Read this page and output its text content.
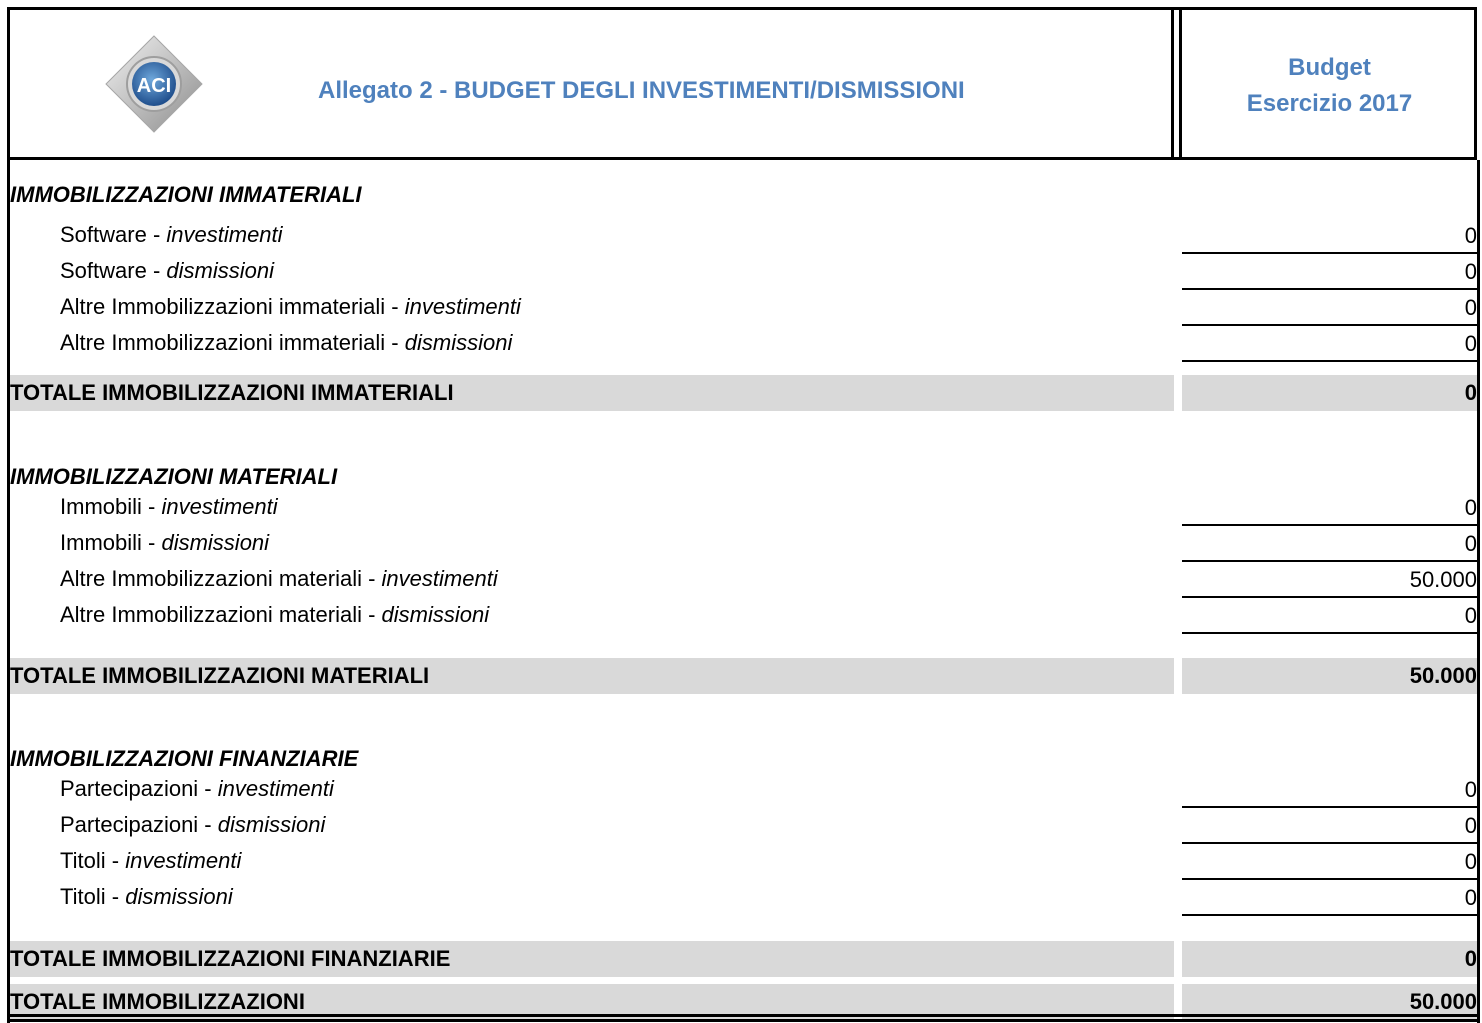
ACI	Allegato 2 - BUDGET DEGLI INVESTIMENTI/DISMISSIONI
Budget
Esercizio 2017
IMMOBILIZZAZIONI IMMATERIALI
Software - investimenti	0
Software - dismissioni	0
Altre Immobilizzazioni immateriali - investimenti	0
Altre Immobilizzazioni immateriali - dismissioni	0
TOTALE IMMOBILIZZAZIONI IMMATERIALI	0
IMMOBILIZZAZIONI MATERIALI
Immobili - investimenti	0
Immobili - dismissioni	0
Altre Immobilizzazioni materiali - investimenti	50.000
Altre Immobilizzazioni materiali - dismissioni	0
TOTALE IMMOBILIZZAZIONI MATERIALI	50.000
IMMOBILIZZAZIONI FINANZIARIE
Partecipazioni - investimenti	0
Partecipazioni - dismissioni	0
Titoli - investimenti	0
Titoli - dismissioni	0
TOTALE IMMOBILIZZAZIONI FINANZIARIE	0
TOTALE IMMOBILIZZAZIONI	50.000
